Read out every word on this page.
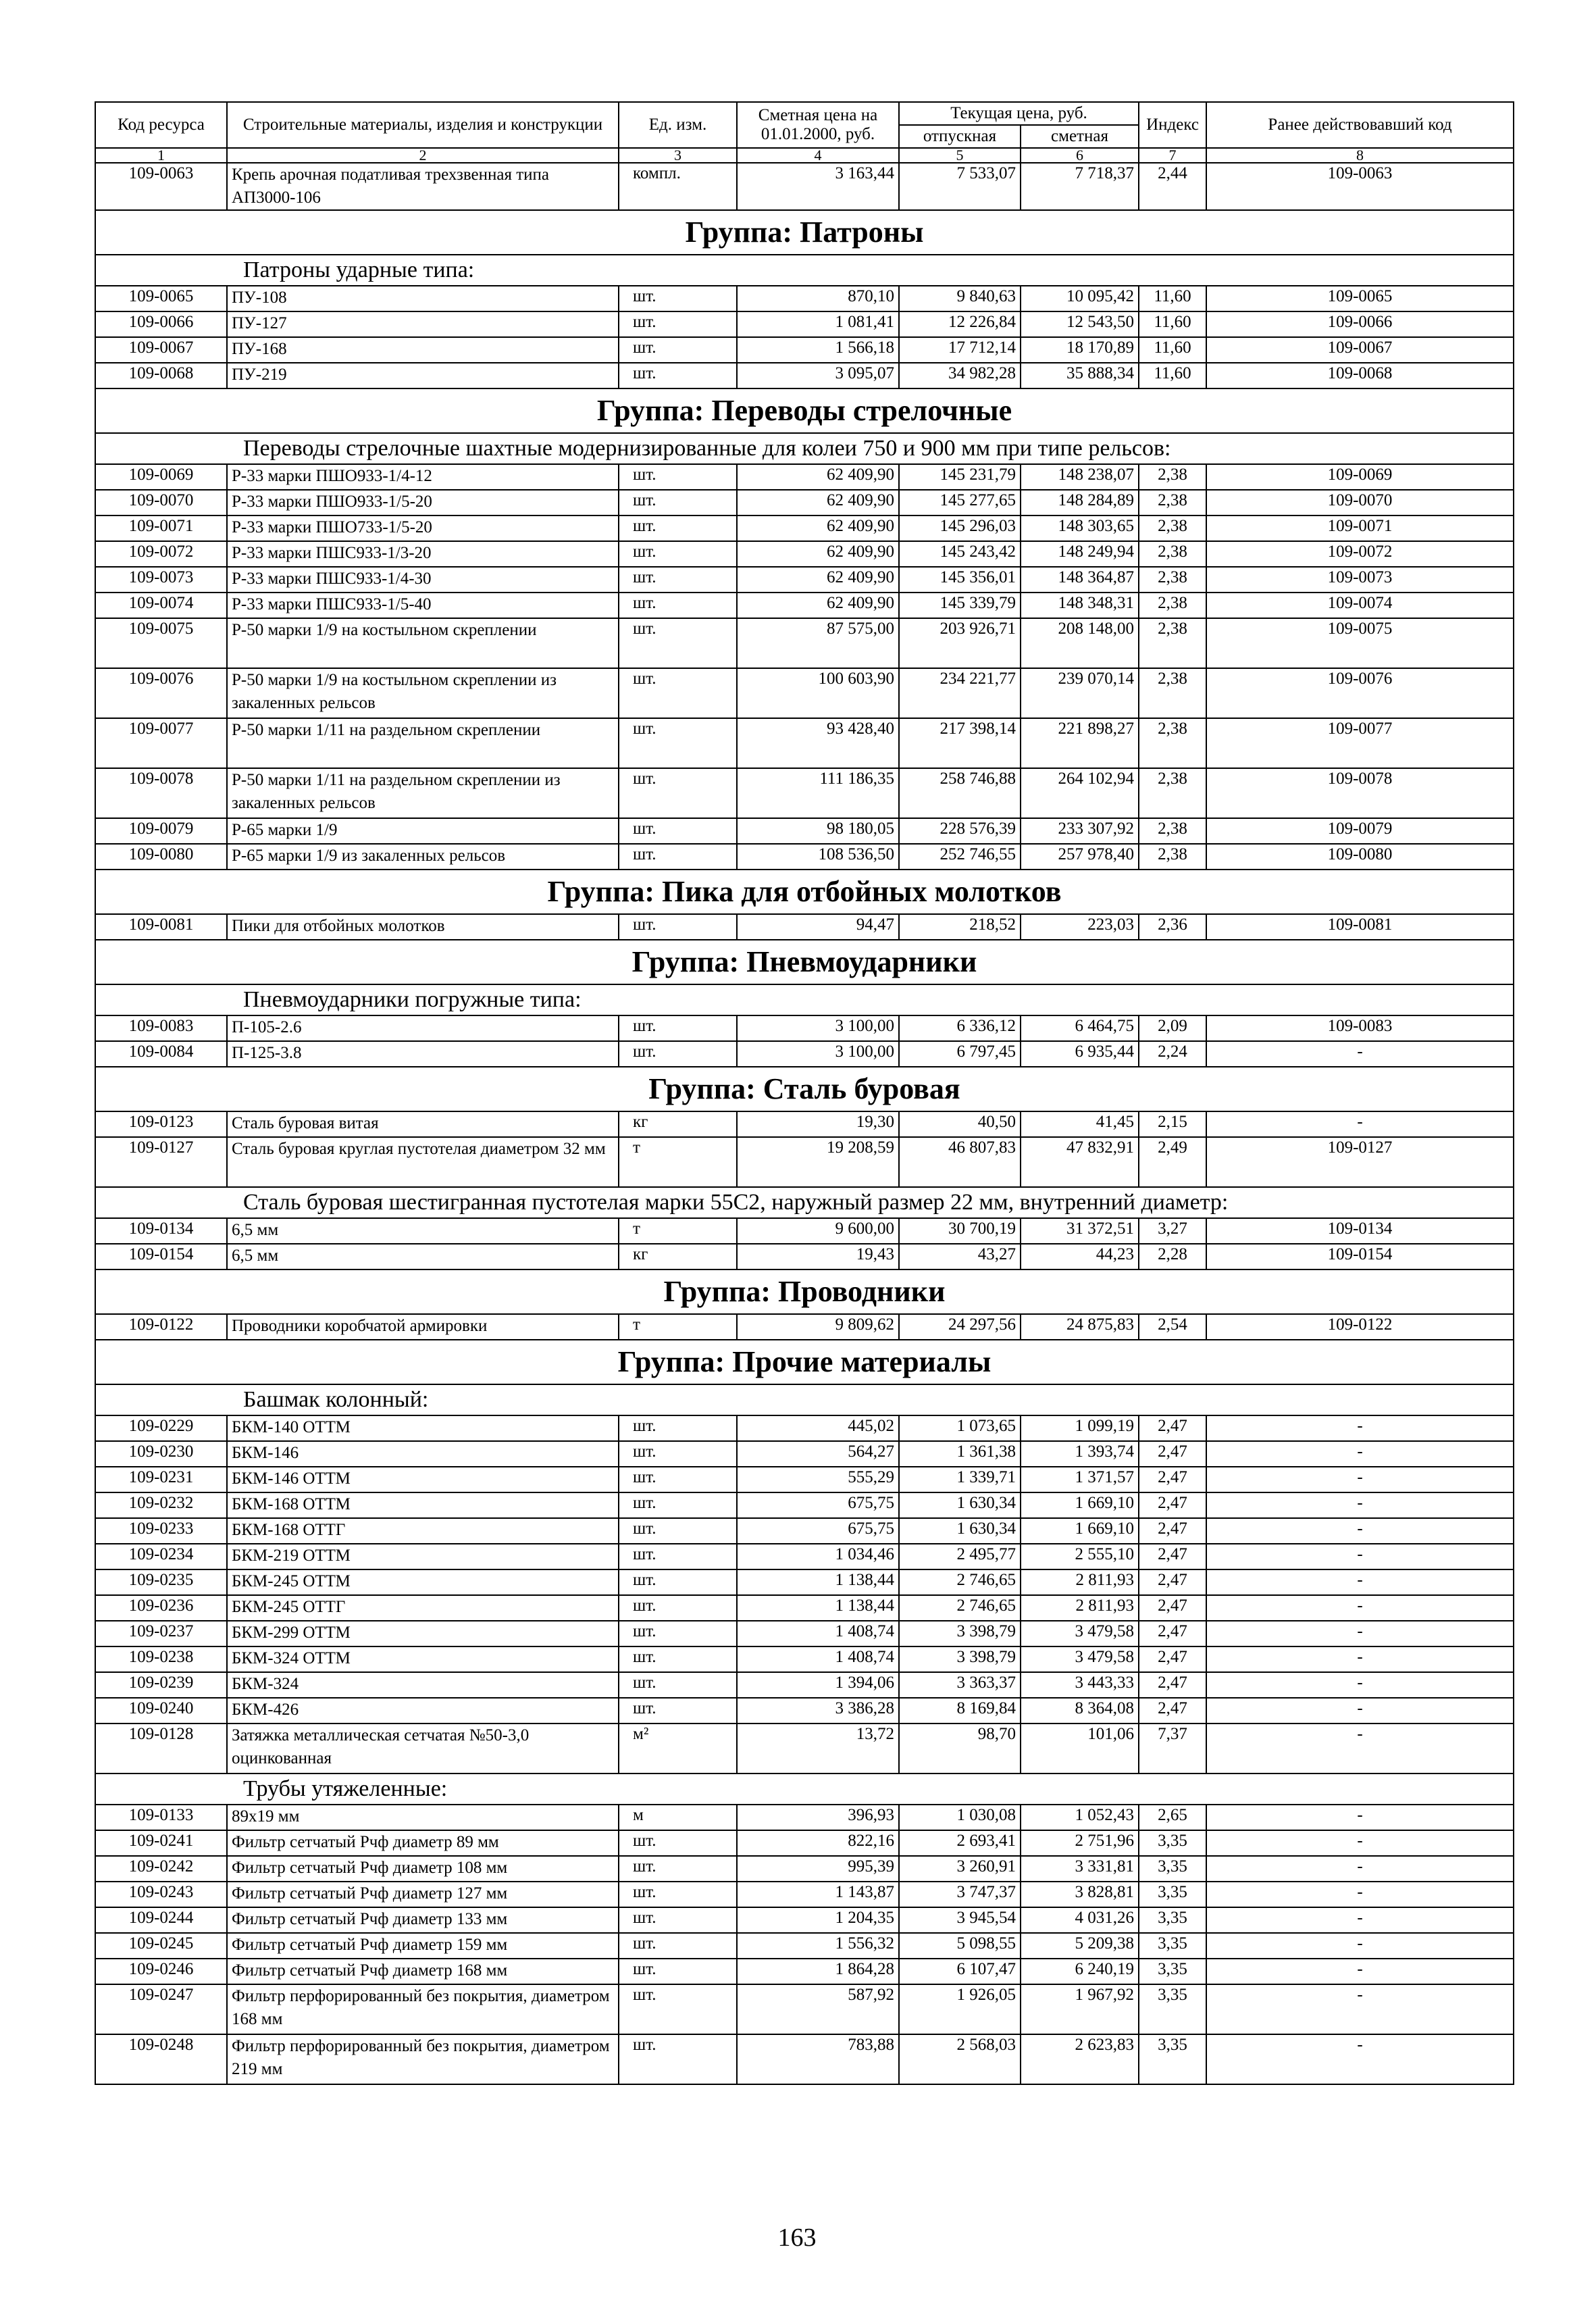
Код ресурса	Строительные материалы, изделия и конструкции	Ед. изм.	Сметная цена на 01.01.2000, руб.	Текущая цена, руб.		Индекс	Ранее действовавший код
				отпускная	сметная		
1	2	3	4	5	6	7	8
109-0063	Крепь арочная податливая трехзвенная типа АП3000-106	компл.	3 163,44	7 533,07	7 718,37	2,44	109-0063
Группа: Патроны							
Патроны ударные типа:							
109-0065	ПУ-108	шт.	870,10	9 840,63	10 095,42	11,60	109-0065
109-0066	ПУ-127	шт.	1 081,41	12 226,84	12 543,50	11,60	109-0066
109-0067	ПУ-168	шт.	1 566,18	17 712,14	18 170,89	11,60	109-0067
109-0068	ПУ-219	шт.	3 095,07	34 982,28	35 888,34	11,60	109-0068
Группа: Переводы стрелочные							
Переводы стрелочные шахтные модернизированные для колеи 750 и 900 мм при типе рельсов:							
109-0069	Р-33 марки ПШО933-1/4-12	шт.	62 409,90	145 231,79	148 238,07	2,38	109-0069
109-0070	Р-33 марки ПШО933-1/5-20	шт.	62 409,90	145 277,65	148 284,89	2,38	109-0070
109-0071	Р-33 марки ПШО733-1/5-20	шт.	62 409,90	145 296,03	148 303,65	2,38	109-0071
109-0072	Р-33 марки ПШС933-1/3-20	шт.	62 409,90	145 243,42	148 249,94	2,38	109-0072
109-0073	Р-33 марки ПШС933-1/4-30	шт.	62 409,90	145 356,01	148 364,87	2,38	109-0073
109-0074	Р-33 марки ПШС933-1/5-40	шт.	62 409,90	145 339,79	148 348,31	2,38	109-0074
109-0075	Р-50 марки 1/9 на костыльном скреплении	шт.	87 575,00	203 926,71	208 148,00	2,38	109-0075
109-0076	Р-50 марки 1/9 на костыльном скреплении из закаленных рельсов	шт.	100 603,90	234 221,77	239 070,14	2,38	109-0076
109-0077	Р-50 марки 1/11 на раздельном скреплении	шт.	93 428,40	217 398,14	221 898,27	2,38	109-0077
109-0078	Р-50 марки 1/11 на раздельном скреплении из закаленных рельсов	шт.	111 186,35	258 746,88	264 102,94	2,38	109-0078
109-0079	Р-65 марки 1/9	шт.	98 180,05	228 576,39	233 307,92	2,38	109-0079
109-0080	Р-65 марки 1/9 из закаленных рельсов	шт.	108 536,50	252 746,55	257 978,40	2,38	109-0080
Группа: Пика для отбойных молотков							
109-0081	Пики для отбойных молотков	шт.	94,47	218,52	223,03	2,36	109-0081
Группа: Пневмоударники							
Пневмоударники погружные типа:							
109-0083	П-105-2.6	шт.	3 100,00	6 336,12	6 464,75	2,09	109-0083
109-0084	П-125-3.8	шт.	3 100,00	6 797,45	6 935,44	2,24	-
Группа: Сталь буровая							
109-0123	Сталь буровая витая	кг	19,30	40,50	41,45	2,15	-
109-0127	Сталь буровая круглая пустотелая диаметром 32 мм	т	19 208,59	46 807,83	47 832,91	2,49	109-0127
Сталь буровая шестигранная пустотелая марки 55С2, наружный размер 22 мм, внутренний диаметр:							
109-0134	6,5 мм	т	9 600,00	30 700,19	31 372,51	3,27	109-0134
109-0154	6,5 мм	кг	19,43	43,27	44,23	2,28	109-0154
Группа: Проводники							
109-0122	Проводники коробчатой армировки	т	9 809,62	24 297,56	24 875,83	2,54	109-0122
Группа: Прочие материалы							
Башмак колонный:							
109-0229	БКМ-140 ОТТМ	шт.	445,02	1 073,65	1 099,19	2,47	-
109-0230	БКМ-146	шт.	564,27	1 361,38	1 393,74	2,47	-
109-0231	БКМ-146 ОТТМ	шт.	555,29	1 339,71	1 371,57	2,47	-
109-0232	БКМ-168 ОТТМ	шт.	675,75	1 630,34	1 669,10	2,47	-
109-0233	БКМ-168 ОТТГ	шт.	675,75	1 630,34	1 669,10	2,47	-
109-0234	БКМ-219 ОТТМ	шт.	1 034,46	2 495,77	2 555,10	2,47	-
109-0235	БКМ-245 ОТТМ	шт.	1 138,44	2 746,65	2 811,93	2,47	-
109-0236	БКМ-245 ОТТГ	шт.	1 138,44	2 746,65	2 811,93	2,47	-
109-0237	БКМ-299 ОТТМ	шт.	1 408,74	3 398,79	3 479,58	2,47	-
109-0238	БКМ-324 ОТТМ	шт.	1 408,74	3 398,79	3 479,58	2,47	-
109-0239	БКМ-324	шт.	1 394,06	3 363,37	3 443,33	2,47	-
109-0240	БКМ-426	шт.	3 386,28	8 169,84	8 364,08	2,47	-
109-0128	Затяжка металлическая сетчатая №50-3,0 оцинкованная	м²	13,72	98,70	101,06	7,37	-
Трубы утяжеленные:							
109-0133	89х19 мм	м	396,93	1 030,08	1 052,43	2,65	-
109-0241	Фильтр сетчатый Рчф диаметр 89 мм	шт.	822,16	2 693,41	2 751,96	3,35	-
109-0242	Фильтр сетчатый Рчф диаметр 108 мм	шт.	995,39	3 260,91	3 331,81	3,35	-
109-0243	Фильтр сетчатый Рчф диаметр 127 мм	шт.	1 143,87	3 747,37	3 828,81	3,35	-
109-0244	Фильтр сетчатый Рчф диаметр 133 мм	шт.	1 204,35	3 945,54	4 031,26	3,35	-
109-0245	Фильтр сетчатый Рчф диаметр 159 мм	шт.	1 556,32	5 098,55	5 209,38	3,35	-
109-0246	Фильтр сетчатый Рчф диаметр 168 мм	шт.	1 864,28	6 107,47	6 240,19	3,35	-
109-0247	Фильтр перфорированный без покрытия, диаметром 168 мм	шт.	587,92	1 926,05	1 967,92	3,35	-
109-0248	Фильтр перфорированный без покрытия, диаметром 219 мм	шт.	783,88	2 568,03	2 623,83	3,35	-
163
